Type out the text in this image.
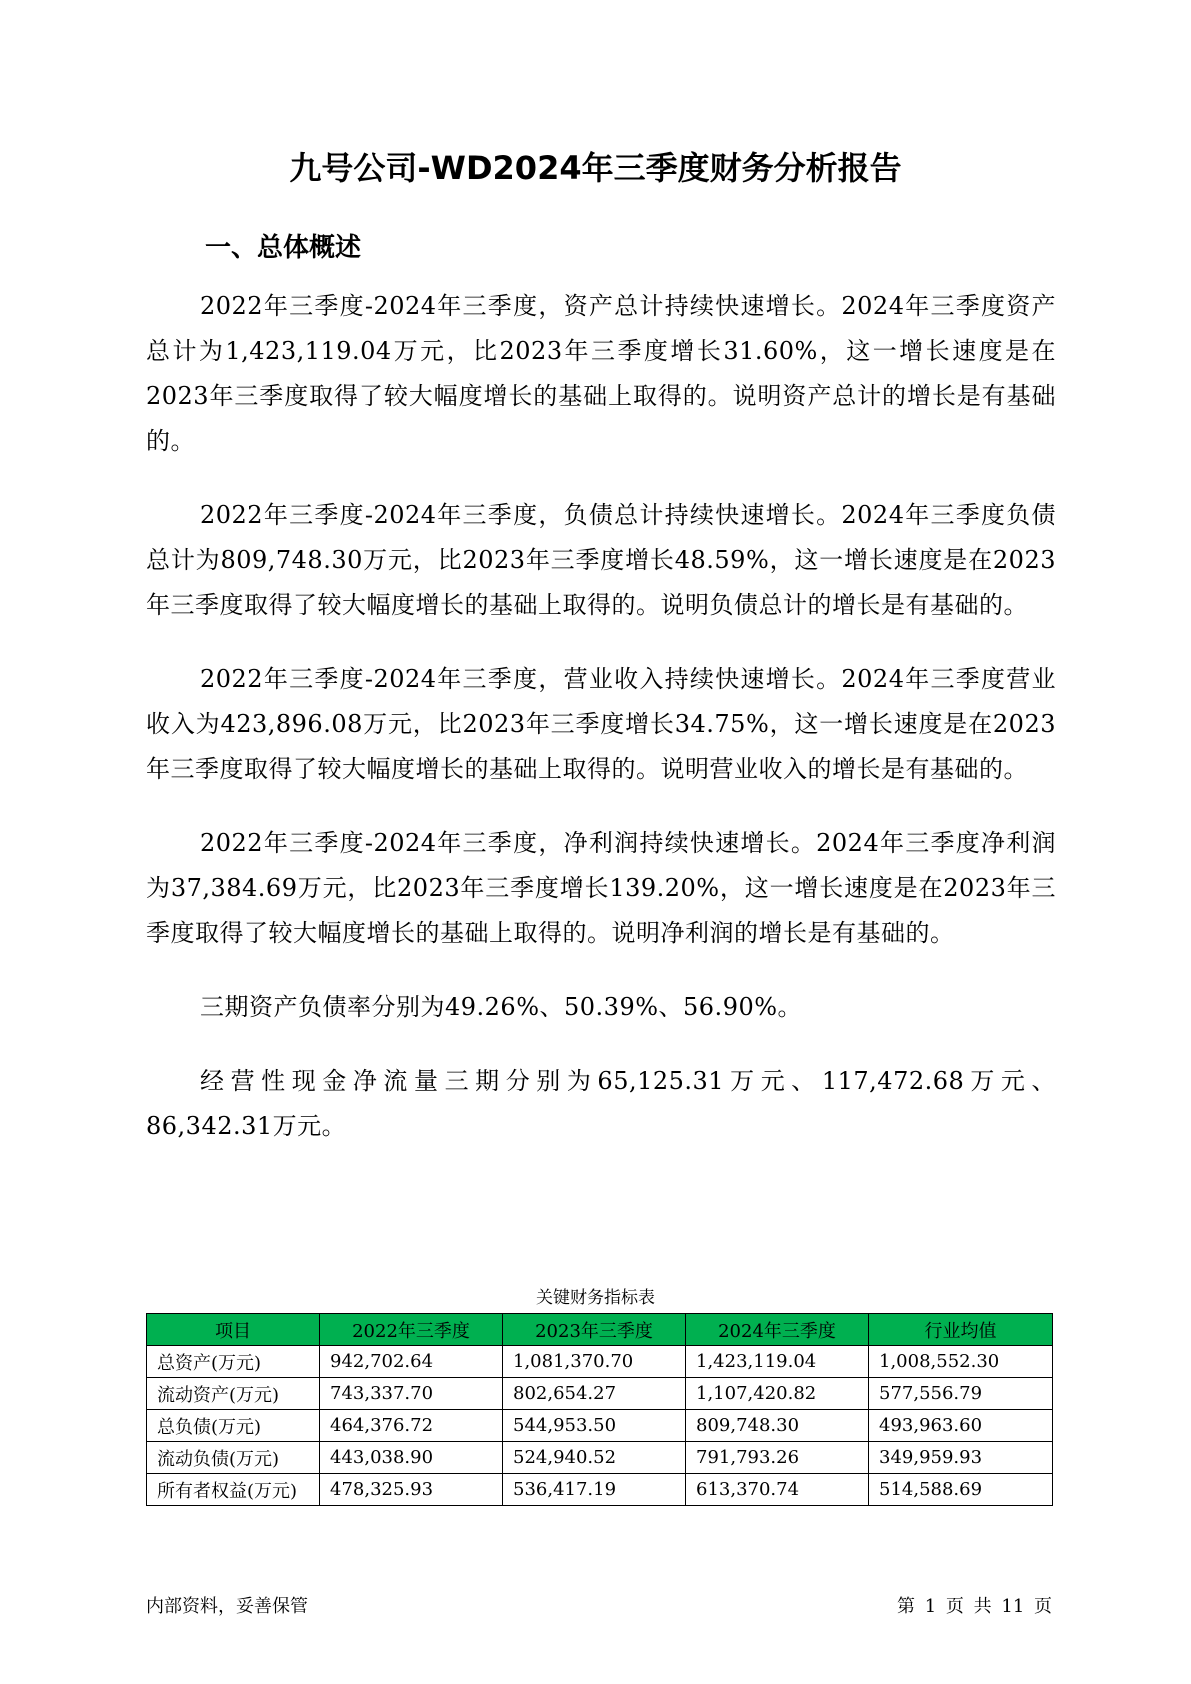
九号公司-WD2024年三季度财务分析报告
一、总体概述

2022年三季度-2024年三季度，资产总计持续快速增长。2024年三季度资产总计为1,423,119.04万元，比2023年三季度增长31.60%，这一增长速度是在2023年三季度取得了较大幅度增长的基础上取得的。说明资产总计的增长是有基础的。

2022年三季度-2024年三季度，负债总计持续快速增长。2024年三季度负债总计为809,748.30万元，比2023年三季度增长48.59%，这一增长速度是在2023年三季度取得了较大幅度增长的基础上取得的。说明负债总计的增长是有基础的。

2022年三季度-2024年三季度，营业收入持续快速增长。2024年三季度营业收入为423,896.08万元，比2023年三季度增长34.75%，这一增长速度是在2023年三季度取得了较大幅度增长的基础上取得的。说明营业收入的增长是有基础的。

2022年三季度-2024年三季度，净利润持续快速增长。2024年三季度净利润为37,384.69万元，比2023年三季度增长139.20%，这一增长速度是在2023年三季度取得了较大幅度增长的基础上取得的。说明净利润的增长是有基础的。

三期资产负债率分别为49.26%、50.39%、56.90%。

经营性现金净流量三期分别为65,125.31万元、117,472.68万元、86,342.31万元。

关键财务指标表
项目	2022年三季度	2023年三季度	2024年三季度	行业均值
总资产(万元)	942,702.64	1,081,370.70	1,423,119.04	1,008,552.30
流动资产(万元)	743,337.70	802,654.27	1,107,420.82	577,556.79
总负债(万元)	464,376.72	544,953.50	809,748.30	493,963.60
流动负债(万元)	443,038.90	524,940.52	791,793.26	349,959.93
所有者权益(万元)	478,325.93	536,417.19	613,370.74	514,588.69
内部资料，妥善保管	第 1 页 共 11 页
